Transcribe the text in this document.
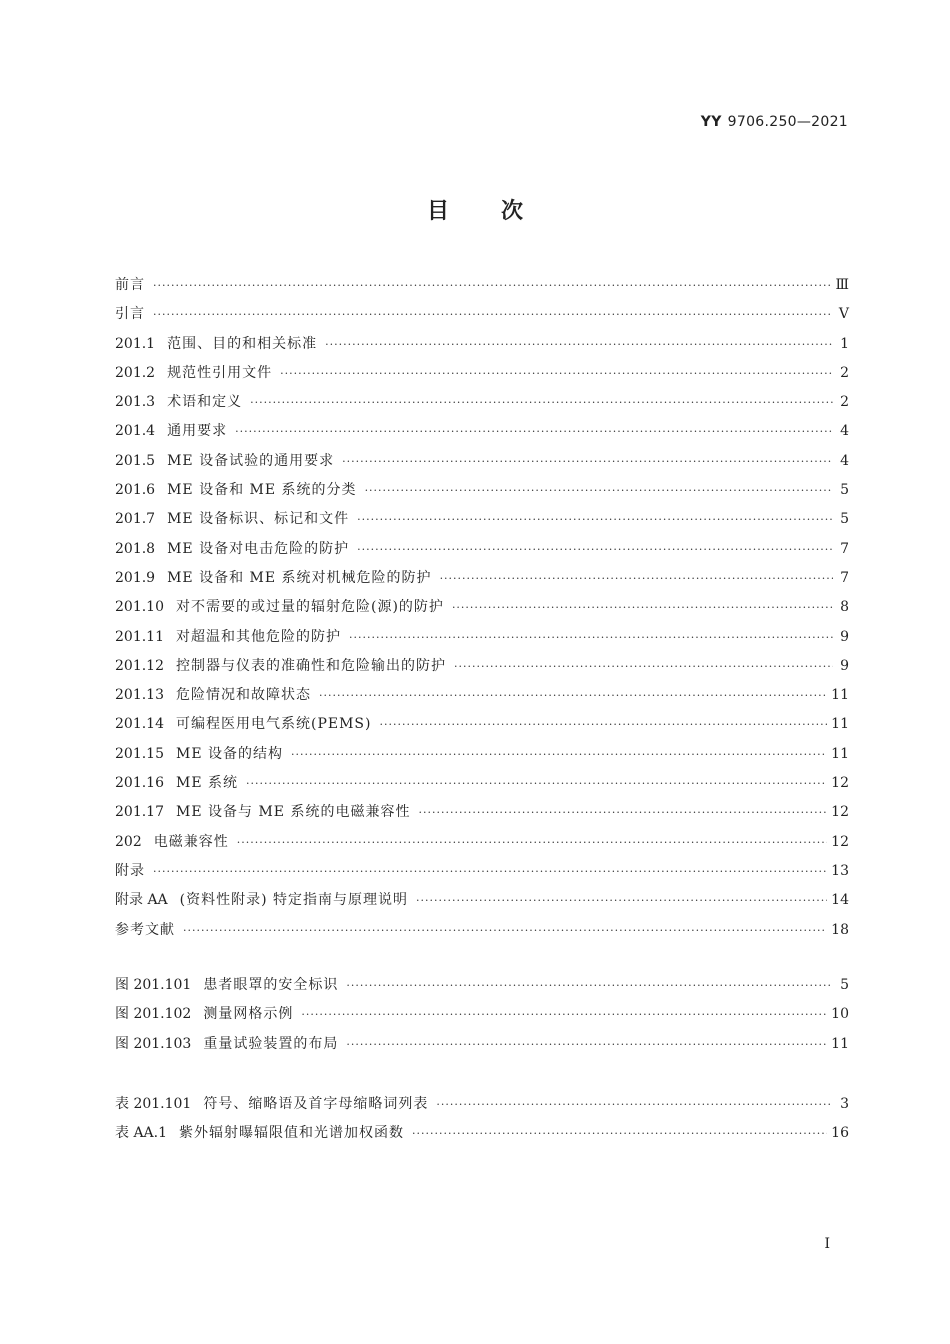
YY 9706.250—2021
目次
前言 ·····	Ⅲ
引言 ·····	Ⅴ
201.1 范围、目的和相关标准 ·····	1
201.2 规范性引用文件 ·····	2
201.3 术语和定义 ·····	2
201.4 通用要求 ·····	4
201.5 ME 设备试验的通用要求 ·····	4
201.6 ME 设备和 ME 系统的分类 ·····	5
201.7 ME 设备标识、标记和文件 ·····	5
201.8 ME 设备对电击危险的防护 ·····	7
201.9 ME 设备和 ME 系统对机械危险的防护 ·····	7
201.10 对不需要的或过量的辐射危险(源)的防护 ·····	8
201.11 对超温和其他危险的防护 ·····	9
201.12 控制器与仪表的准确性和危险输出的防护 ·····	9
201.13 危险情况和故障状态 ·····	11
201.14 可编程医用电气系统(PEMS) ·····	11
201.15 ME 设备的结构 ·····	11
201.16 ME 系统 ·····	12
201.17 ME 设备与 ME 系统的电磁兼容性 ·····	12
202 电磁兼容性 ·····	12
附录 ·····	13
附录 AA (资料性附录) 特定指南与原理说明 ·····	14
参考文献 ·····	18
图 201.101 患者眼罩的安全标识 ·····	5
图 201.102 测量网格示例 ·····	10
图 201.103 重量试验装置的布局 ·····	11
表 201.101 符号、缩略语及首字母缩略词列表 ·····	3
表 AA.1 紫外辐射曝辐限值和光谱加权函数 ·····	16
I
